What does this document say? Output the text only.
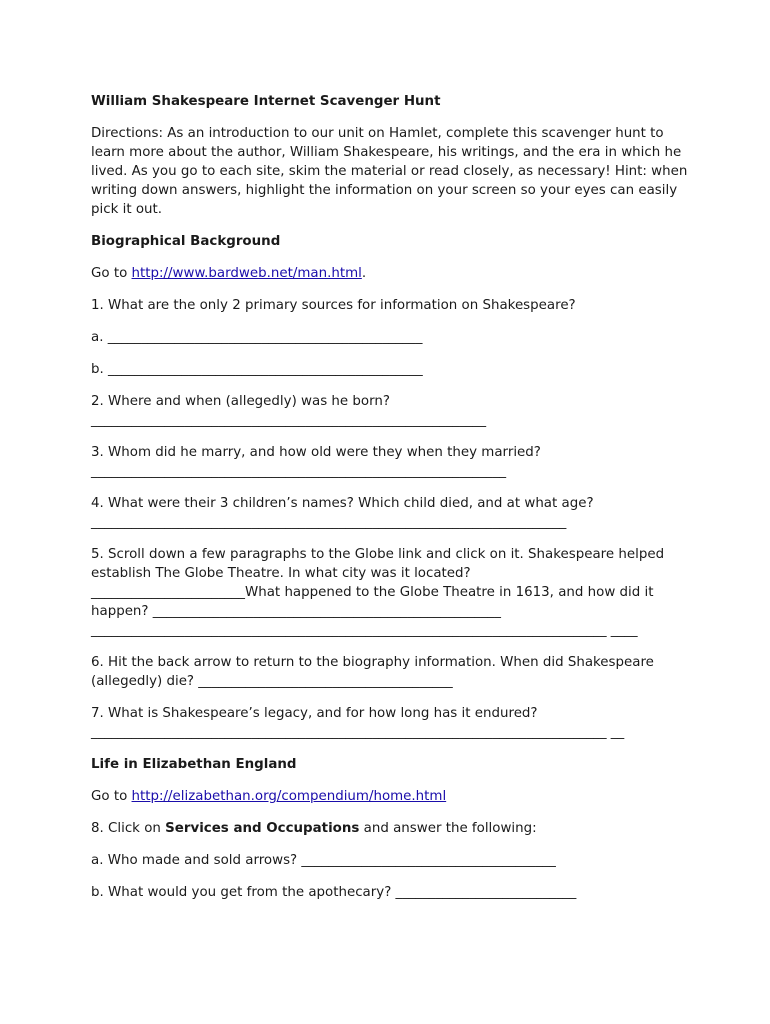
William Shakespeare Internet Scavenger Hunt

Directions: As an introduction to our unit on Hamlet, complete this scavenger hunt to learn more about the author, William Shakespeare, his writings, and the era in which he lived. As you go to each site, skim the material or read closely, as necessary! Hint: when writing down answers, highlight the information on your screen so your eyes can easily pick it out.

Biographical Background

Go to http://www.bardweb.net/man.html.

1. What are the only 2 primary sources for information on Shakespeare?

a. _______________________________________________

b. _______________________________________________

2. Where and when (allegedly) was he born?
___________________________________________________________

3. Whom did he marry, and how old were they when they married?
______________________________________________________________

4. What were their 3 children’s names? Which child died, and at what age?
_______________________________________________________________________

5. Scroll down a few paragraphs to the Globe link and click on it. Shakespeare helped establish The Globe Theatre. In what city was it located?
_______________________What happened to the Globe Theatre in 1613, and how did it happen? ____________________________________________________
_____________________________________________________________________________ ____

6. Hit the back arrow to return to the biography information. When did Shakespeare (allegedly) die? ______________________________________

7. What is Shakespeare’s legacy, and for how long has it endured?
_____________________________________________________________________________ __

Life in Elizabethan England

Go to http://elizabethan.org/compendium/home.html

8. Click on Services and Occupations and answer the following:

a. Who made and sold arrows? ______________________________________

b. What would you get from the apothecary? ___________________________
